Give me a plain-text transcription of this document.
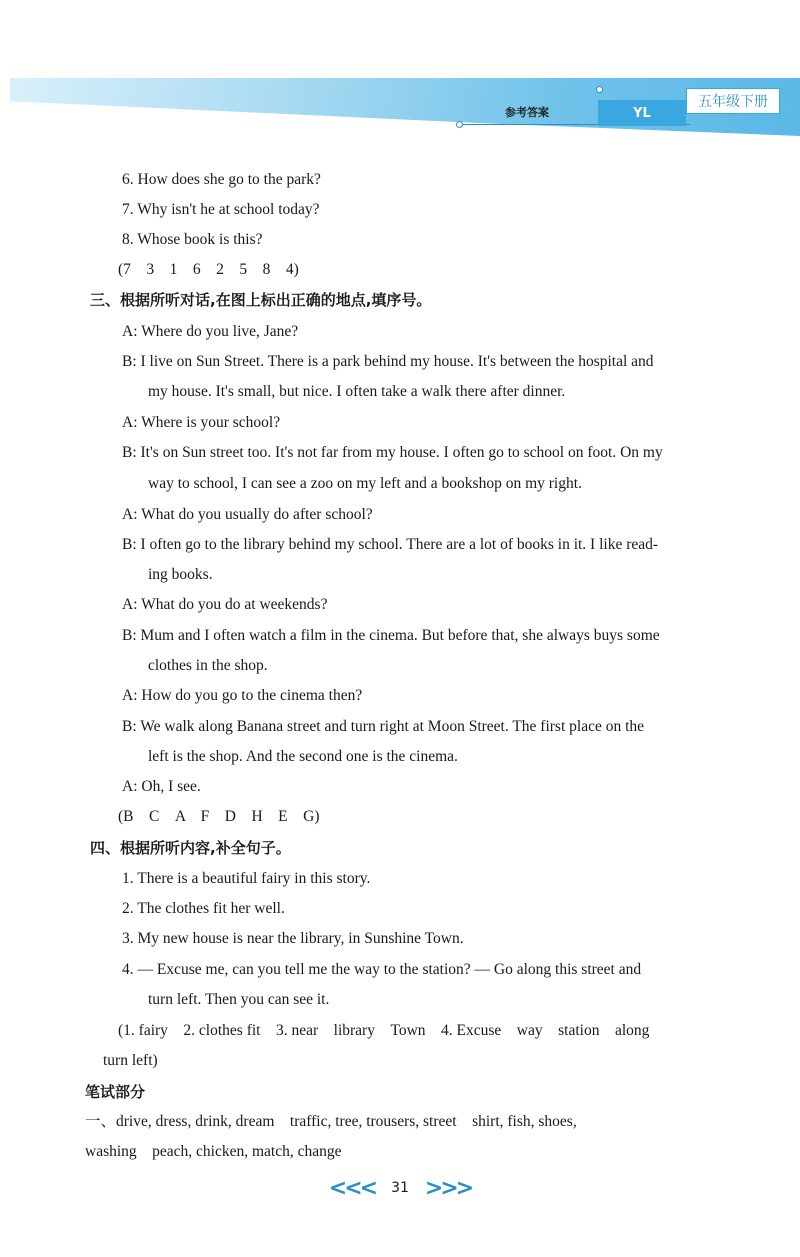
参考答案	YL
五年级下册
6. How does she go to the park?
7. Why isn't he at school today?
8. Whose book is this?
(7　3　1　6　2　5　8　4)
三、根据所听对话,在图上标出正确的地点,填序号。
A: Where do you live, Jane?
B: I live on Sun Street. There is a park behind my house. It's between the hospital and
my house. It's small, but nice. I often take a walk there after dinner.
A: Where is your school?
B: It's on Sun street too. It's not far from my house. I often go to school on foot. On my
way to school, I can see a zoo on my left and a bookshop on my right.
A: What do you usually do after school?
B: I often go to the library behind my school. There are a lot of books in it. I like read-
ing books.
A: What do you do at weekends?
B: Mum and I often watch a film in the cinema. But before that, she always buys some
clothes in the shop.
A: How do you go to the cinema then?
B: We walk along Banana street and turn right at Moon Street. The first place on the
left is the shop. And the second one is the cinema.
A: Oh, I see.
(B　C　A　F　D　H　E　G)
四、根据所听内容,补全句子。
1. There is a beautiful fairy in this story.
2. The clothes fit her well.
3. My new house is near the library, in Sunshine Town.
4. — Excuse me, can you tell me the way to the station? — Go along this street and
turn left. Then you can see it.
(1. fairy　2. clothes fit　3. near　library　Town　4. Excuse　way　station　along
turn left)
笔试部分
一、drive, dress, drink, dream　traffic, tree, trousers, street　shirt, fish, shoes,
washing　peach, chicken, match, change
<<<	31 >>>
